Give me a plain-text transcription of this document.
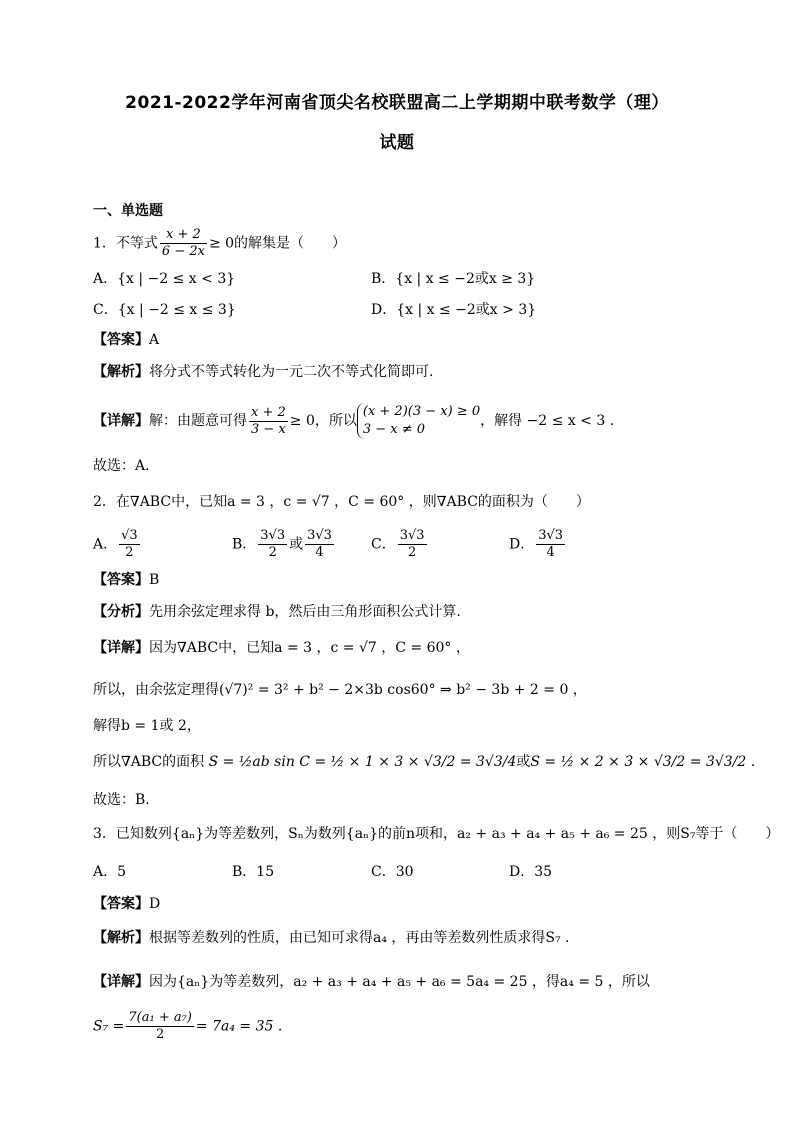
2021-2022学年河南省顶尖名校联盟高二上学期期中联考数学（理）
试题
一、单选题
1．不等式 $\frac{x + 2}{6 - 2x} \ge 0$的解集是（　　）
A．{x | −2 ≤ x < 3}	B．{x | x ≤ −2或x ≥ 3}
C．{x | −2 ≤ x ≤ 3}	D．{x | x ≤ −2或x > 3}
【答案】A
【解析】将分式不等式转化为一元二次不等式化简即可.
【详解】解：由题意可得 $\frac{x + 2}{3 - x} \ge 0$，所以
(x + 2)(3 − x) ≥ 0
3 − x ≠ 0
，解得 −2 ≤ x < 3 .
故选：A.
2．在∇ABC中，已知a = 3 ，c = √7 ，C = 60° ，则∇ABC的面积为（　　）
A． $\frac{√3}{2}$	B． $\frac{3√3}{2}$ 或 $\frac{3√3}{4}$	C． $\frac{3√3}{2}$	D． $\frac{3√3}{4}$
【答案】B
【分析】先用余弦定理求得 b，然后由三角形面积公式计算.
【详解】因为∇ABC中，已知a = 3 ，c = √7 ，C = 60° ，
所以，由余弦定理得(√7)² = 3² + b² − 2×3b cos60° ⇒ b² − 3b + 2 = 0 ，
解得b = 1或 2，
所以∇ABC的面积 S = ½ab sin C = ½ × 1 × 3 × √3/2 = 3√3/4或S = ½ × 2 × 3 × √3/2 = 3√3/2 .
故选：B.
3．已知数列{aₙ}为等差数列，Sₙ为数列{aₙ}的前n项和，a₂ + a₃ + a₄ + a₅ + a₆ = 25 ，则S₇等于（　　）
A．5	B．15	C．30	D．35
【答案】D
【解析】根据等差数列的性质，由已知可求得a₄ ，再由等差数列性质求得S₇ .
【详解】因为{aₙ}为等差数列，a₂ + a₃ + a₄ + a₅ + a₆ = 5a₄ = 25 ，得a₄ = 5 ，所以
$S_7 = \frac{\text{7(a₁ + a₇)}}{2} = 7a_4 = 35$ .
